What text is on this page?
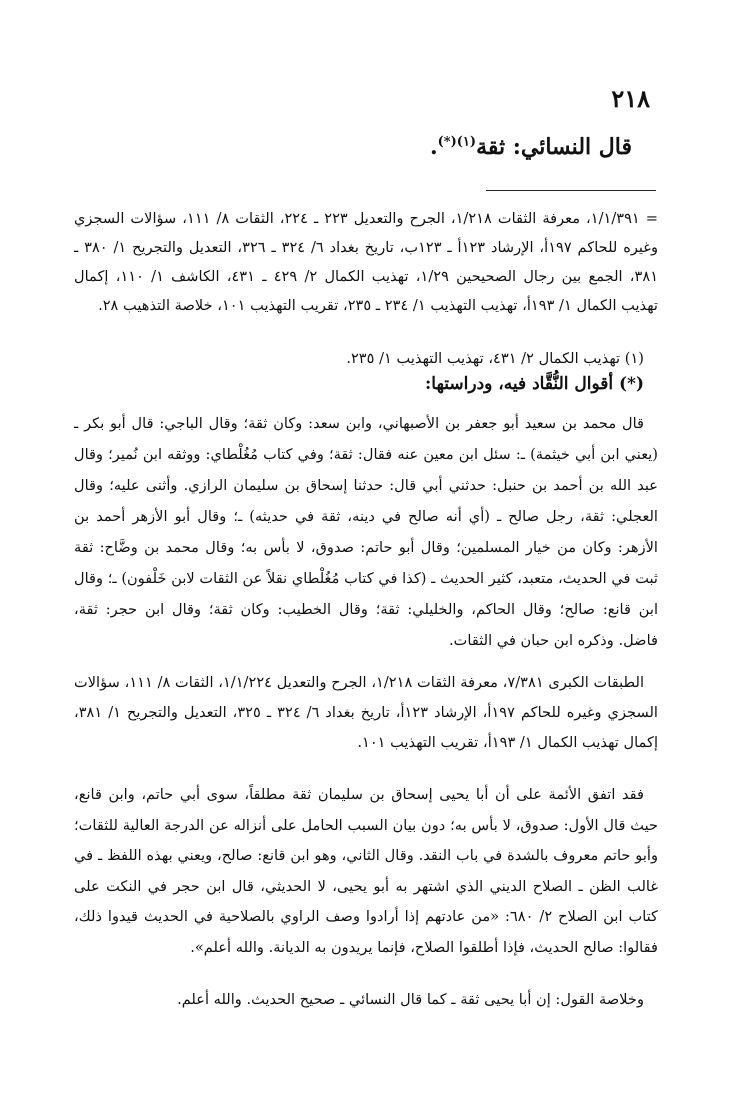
٢١٨
قال النسائي: ثقة$^{(١)(*)}$.

= ١/١/٣٩١، معرفة الثقات ١/٢١٨، الجرح والتعديل ٢٢٣ ـ ٢٢٤، الثقات ٨/ ١١١، سؤالات السجزي وغيره للحاكم ١٩٧أ، الإرشاد ١٢٣أ ـ ١٢٣ب، تاريخ بغداد ٦/ ٣٢٤ ـ ٣٢٦، التعديل والتجريح ١/ ٣٨٠ ـ ٣٨١، الجمع بين رجال الصحيحين ١/٢٩، تهذيب الكمال ٢/ ٤٢٩ ـ ٤٣١، الكاشف ١/ ١١٠، إكمال تهذيب الكمال ١/ ١٩٣أ، تهذيب التهذيب ١/ ٢٣٤ ـ ٢٣٥، تقريب التهذيب ١٠١، خلاصة التذهيب ٢٨.

(١) تهذيب الكمال ٢/ ٤٣١، تهذيب التهذيب ١/ ٢٣٥.

(*) أقوال النُّقَّاد فيه، ودراستها:

قال محمد بن سعيد أبو جعفر بن الأصبهاني، وابن سعد: وكان ثقة؛ وقال الباجي: قال أبو بكر ـ (يعني ابن أبي خيثمة) ـ: سئل ابن معين عنه فقال: ثقة؛ وفي كتاب مُغُلْطاي: ووثقه ابن نُمير؛ وقال عبد الله بن أحمد بن حنبل: حدثني أبي قال: حدثنا إسحاق بن سليمان الرازي. وأثنى عليه؛ وقال العجلي: ثقة، رجل صالح ـ (أي أنه صالح في دينه، ثقة في حديثه) ـ؛ وقال أبو الأزهر أحمد بن الأزهر: وكان من خيار المسلمين؛ وقال أبو حاتم: صدوق، لا بأس به؛ وقال محمد بن وضَّاح: ثقة ثبت في الحديث، متعبد، كثير الحديث ـ (كذا في كتاب مُغُلْطاي نقلاً عن الثقات لابن خَلْفون) ـ؛ وقال ابن قانع: صالح؛ وقال الحاكم، والخليلي: ثقة؛ وقال الخطيب: وكان ثقة؛ وقال ابن حجر: ثقة، فاضل. وذكره ابن حبان في الثقات.

الطبقات الكبرى ٧/٣٨١، معرفة الثقات ١/٢١٨، الجرح والتعديل ١/١/٢٢٤، الثقات ٨/ ١١١، سؤالات السجزي وغيره للحاكم ١٩٧أ، الإرشاد ١٢٣أ، تاريخ بغداد ٦/ ٣٢٤ ـ ٣٢٥، التعديل والتجريح ١/ ٣٨١، إكمال تهذيب الكمال ١/ ١٩٣أ، تقريب التهذيب ١٠١.

فقد اتفق الأئمة على أن أبا يحيى إسحاق بن سليمان ثقة مطلقاً، سوى أبي حاتم، وابن قانع، حيث قال الأول: صدوق، لا بأس به؛ دون بيان السبب الحامل على أنزاله عن الدرجة العالية للثقات؛ وأبو حاتم معروف بالشدة في باب النقد. وقال الثاني، وهو ابن قانع: صالح، ويعني بهذه اللفظ ـ في غالب الظن ـ الصلاح الديني الذي اشتهر به أبو يحيى، لا الحديثي، قال ابن حجر في النكت على كتاب ابن الصلاح ٢/ ٦٨٠: «من عادتهم إذا أرادوا وصف الراوي بالصلاحية في الحديث قيدوا ذلك، فقالوا: صالح الحديث، فإذا أطلقوا الصلاح، فإنما يريدون به الديانة. والله أعلم».

وخلاصة القول: إن أبا يحيى ثقة ـ كما قال النسائي ـ صحيح الحديث. والله أعلم.
